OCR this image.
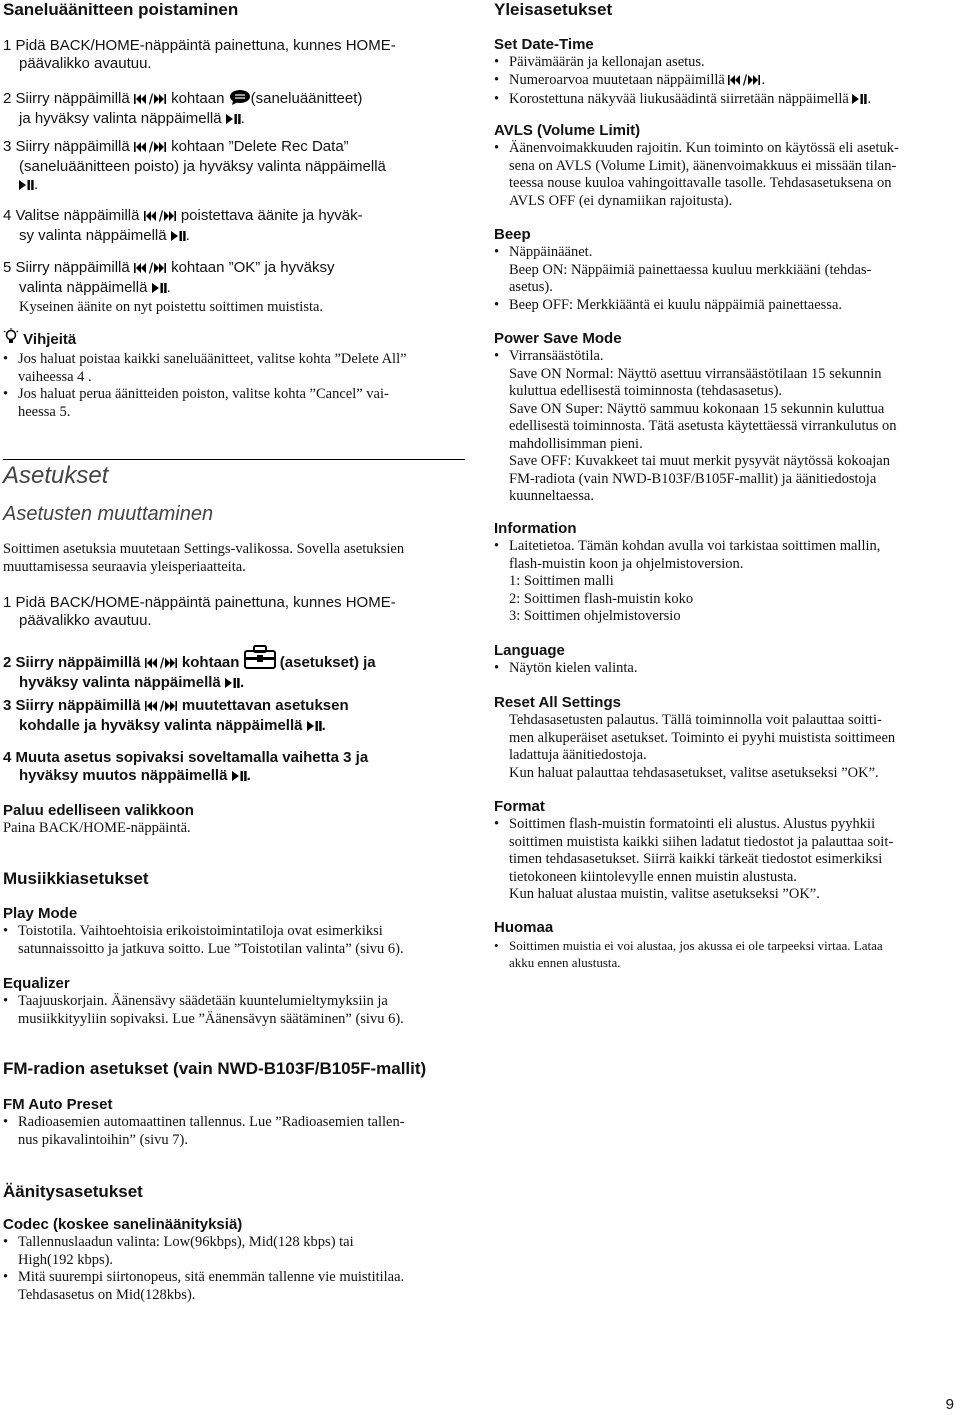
Saneluäänitteen poistaminen
1 Pidä BACK/HOME-näppäintä painettuna, kunnes HOME-
päävalikko avautuu.
2 Siirry näppäimillä	kohtaan (saneluäänitteet)
ja hyväksy valinta näppäimellä .
3 Siirry näppäimillä	kohtaan ”Delete Rec Data”
(saneluäänitteen poisto) ja hyväksy valinta näppäimellä
.
4 Valitse näppäimillä	poistettava äänite ja hyväk-
sy valinta näppäimellä .
5 Siirry näppäimillä	kohtaan ”OK” ja hyväksy
valinta näppäimellä .
Kyseinen äänite on nyt poistettu soittimen muistista.
Vihjeitä
• Jos haluat poistaa kaikki saneluäänitteet, valitse kohta ”Delete All”
vaiheessa 4 .
• Jos haluat perua äänitteiden poiston, valitse kohta ”Cancel” vai-
heessa 5.
Asetukset
Asetusten muuttaminen
Soittimen asetuksia muutetaan Settings-valikossa. Sovella asetuksien
muuttamisessa seuraavia yleisperiaatteita.
1 Pidä BACK/HOME-näppäintä painettuna, kunnes HOME-
päävalikko avautuu.
2 Siirry näppäimillä	kohtaan	(asetukset) ja
hyväksy valinta näppäimellä .
3 Siirry näppäimillä	muutettavan asetuksen
kohdalle ja hyväksy valinta näppäimellä .
4 Muuta asetus sopivaksi soveltamalla vaihetta 3 ja
hyväksy muutos näppäimellä .
Paluu edelliseen valikkoon
Paina BACK/HOME-näppäintä.
Musiikkiasetukset
Play Mode
• Toistotila. Vaihtoehtoisia erikoistoimintatiloja ovat esimerkiksi
satunnaissoitto ja jatkuva soitto. Lue ”Toistotilan valinta” (sivu 6).
Equalizer
• Taajuuskorjain. Äänensävy säädetään kuuntelumieltymyksiin ja
musiikkityyliin sopivaksi. Lue ”Äänensävyn säätäminen” (sivu 6).
FM-radion asetukset (vain NWD-B103F/B105F-mallit)
FM Auto Preset
• Radioasemien automaattinen tallennus. Lue ”Radioasemien tallen-
nus pikavalintoihin” (sivu 7).
Äänitysasetukset
Codec (koskee sanelinäänityksiä)
• Tallennuslaadun valinta: Low(96kbps), Mid(128 kbps) tai
High(192 kbps).
• Mitä suurempi siirtonopeus, sitä enemmän tallenne vie muistitilaa.
Tehdasasetus on Mid(128kbs).
Yleisasetukset
Set Date-Time
• Päivämäärän ja kellonajan asetus.
• Numeroarvoa muutetaan näppäimillä	.
• Korostettuna näkyvää liukusäädintä siirretään näppäimellä .
AVLS (Volume Limit)
• Äänenvoimakkuuden rajoitin. Kun toiminto on käytössä eli asetuk-
sena on AVLS (Volume Limit), äänenvoimakkuus ei missään tilan-
teessa nouse kuuloa vahingoittavalle tasolle. Tehdasasetuksena on
AVLS OFF (ei dynamiikan rajoitusta).
Beep
• Näppäinäänet.
Beep ON: Näppäimiä painettaessa kuuluu merkkiääni (tehdas-
asetus).
• Beep OFF: Merkkiääntä ei kuulu näppäimiä painettaessa.
Power Save Mode
• Virransäästötila.
Save ON Normal: Näyttö asettuu virransäästötilaan 15 sekunnin
kuluttua edellisestä toiminnosta (tehdasasetus).
Save ON Super: Näyttö sammuu kokonaan 15 sekunnin kuluttua
edellisestä toiminnosta. Tätä asetusta käytettäessä virrankulutus on
mahdollisimman pieni.
Save OFF: Kuvakkeet tai muut merkit pysyvät näytössä kokoajan
FM-radiota (vain NWD-B103F/B105F-mallit) ja äänitiedostoja
kuunneltaessa.
Information
• Laitetietoa. Tämän kohdan avulla voi tarkistaa soittimen mallin,
flash-muistin koon ja ohjelmistoversion.
1: Soittimen malli
2: Soittimen flash-muistin koko
3: Soittimen ohjelmistoversio
Language
• Näytön kielen valinta.
Reset All Settings
Tehdasasetusten palautus. Tällä toiminnolla voit palauttaa soitti-
men alkuperäiset asetukset. Toiminto ei pyyhi muistista soittimeen
ladattuja äänitiedostoja.
Kun haluat palauttaa tehdasasetukset, valitse asetukseksi ”OK”.
Format
• Soittimen flash-muistin formatointi eli alustus. Alustus pyyhkii
soittimen muistista kaikki siihen ladatut tiedostot ja palauttaa soit-
timen tehdasasetukset. Siirrä kaikki tärkeät tiedostot esimerkiksi
tietokoneen kiintolevylle ennen muistin alustusta.
Kun haluat alustaa muistin, valitse asetukseksi ”OK”.
Huomaa
• Soittimen muistia ei voi alustaa, jos akussa ei ole tarpeeksi virtaa. Lataa
akku ennen alustusta.
9
